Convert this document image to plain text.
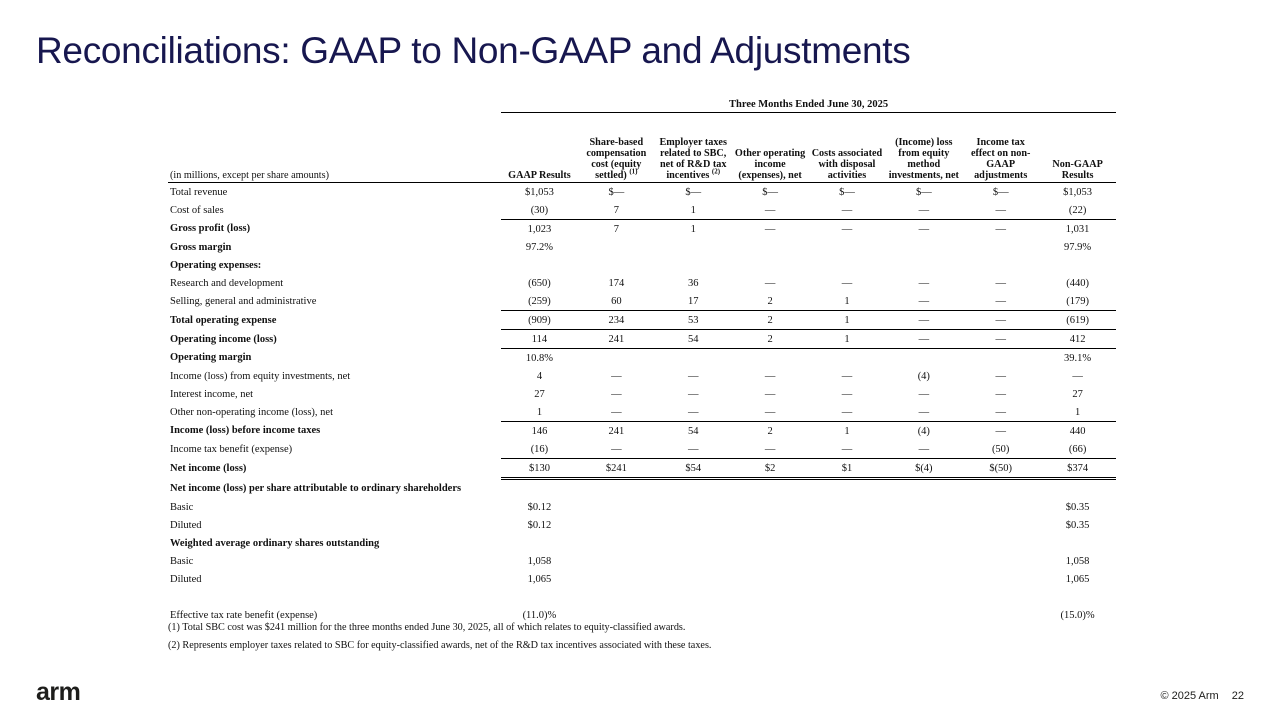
Reconciliations: GAAP to Non-GAAP and Adjustments
	Three Months Ended June 30, 2025							
(in millions, except per share amounts)	GAAP Results	Share-based compensation cost (equity settled) $^{(1)}$	Employer taxes related to SBC, net of R&D tax incentives $^{(2)}$	Other operating income (expenses), net	Costs associated with disposal activities	(Income) loss from equity method investments, net	Income tax effect on non-GAAP adjustments	Non-GAAP Results
Total revenue	$1,053	$—	$—	$—	$—	$—	$—	$1,053
Cost of sales	(30)	7	1	—	—	—	—	(22)
Gross profit (loss)	1,023	7	1	—	—	—	—	1,031
Gross margin	97.2%							97.9%
Operating expenses:								
Research and development	(650)	174	36	—	—	—	—	(440)
Selling, general and administrative	(259)	60	17	2	1	—	—	(179)
Total operating expense	(909)	234	53	2	1	—	—	(619)
Operating income (loss)	114	241	54	2	1	—	—	412
Operating margin	10.8%							39.1%
Income (loss) from equity investments, net	4	—	—	—	—	(4)	—	—
Interest income, net	27	—	—	—	—	—	—	27
Other non-operating income (loss), net	1	—	—	—	—	—	—	1
Income (loss) before income taxes	146	241	54	2	1	(4)	—	440
Income tax benefit (expense)	(16)	—	—	—	—	—	(50)	(66)
Net income (loss)	$130	$241	$54	$2	$1	$(4)	$(50)	$374
Net income (loss) per share attributable to ordinary shareholders								
Basic	$0.12							$0.35
Diluted	$0.12							$0.35
Weighted average ordinary shares outstanding								
Basic	1,058							1,058
Diluted	1,065							1,065

Effective tax rate benefit (expense)	(11.0)%							(15.0)%
(1) Total SBC cost was $241 million for the three months ended June 30, 2025, all of which relates to equity-classified awards.
(2) Represents employer taxes related to SBC for equity-classified awards, net of the R&D tax incentives associated with these taxes.
arm	© 2025 Arm 22
